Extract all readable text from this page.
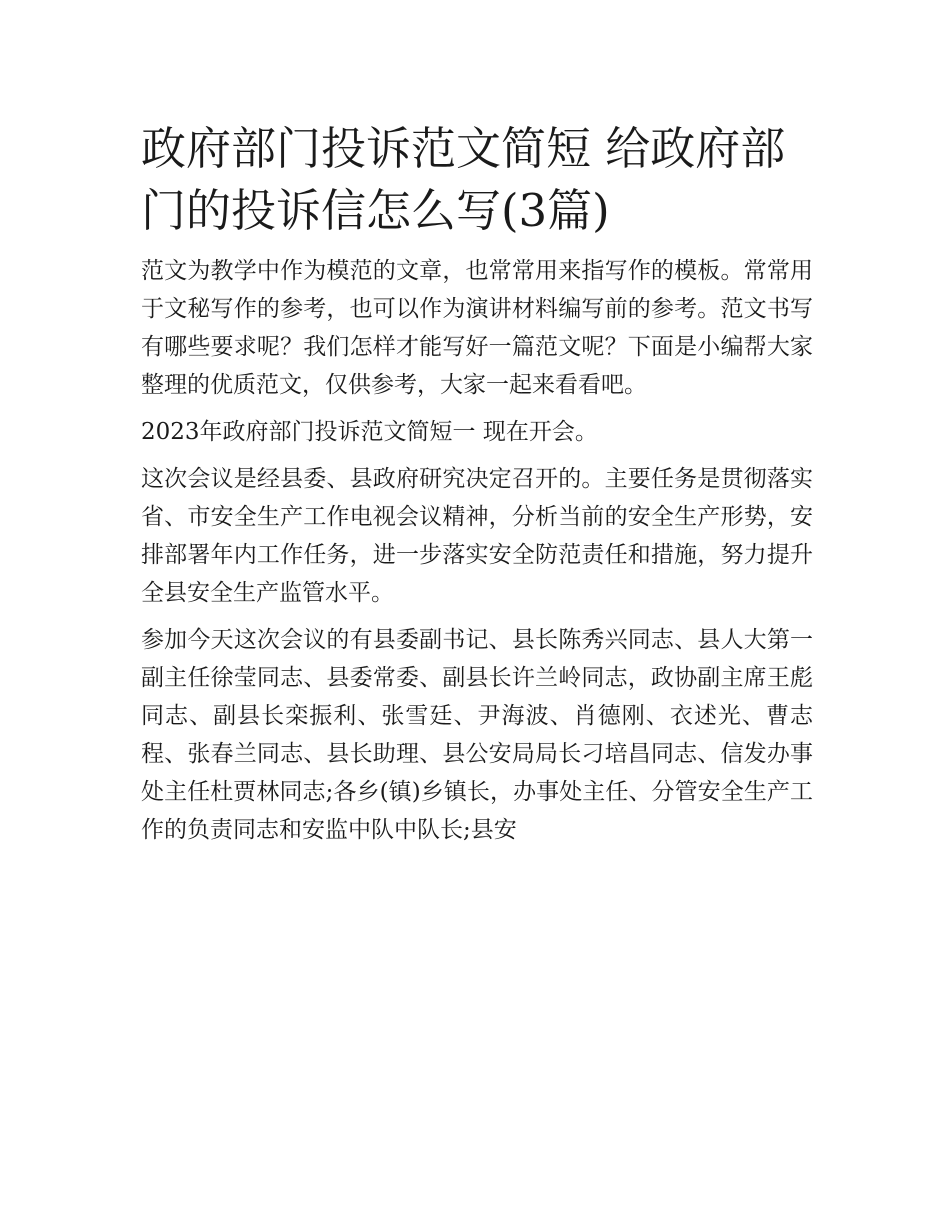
政府部门投诉范文简短 给政府部门的投诉信怎么写(3篇)

范文为教学中作为模范的文章，也常常用来指写作的模板。常常用于文秘写作的参考，也可以作为演讲材料编写前的参考。范文书写有哪些要求呢？我们怎样才能写好一篇范文呢？下面是小编帮大家整理的优质范文，仅供参考，大家一起来看看吧。

2023年政府部门投诉范文简短一 现在开会。

这次会议是经县委、县政府研究决定召开的。主要任务是贯彻落实省、市安全生产工作电视会议精神，分析当前的安全生产形势，安排部署年内工作任务，进一步落实安全防范责任和措施，努力提升全县安全生产监管水平。

参加今天这次会议的有县委副书记、县长陈秀兴同志、县人大第一副主任徐莹同志、县委常委、副县长许兰岭同志，政协副主席王彪同志、副县长栾振利、张雪廷、尹海波、肖德刚、衣述光、曹志程、张春兰同志、县长助理、县公安局局长刁培昌同志、信发办事处主任杜贾林同志;各乡(镇)乡镇长，办事处主任、分管安全生产工作的负责同志和安监中队中队长;县安
